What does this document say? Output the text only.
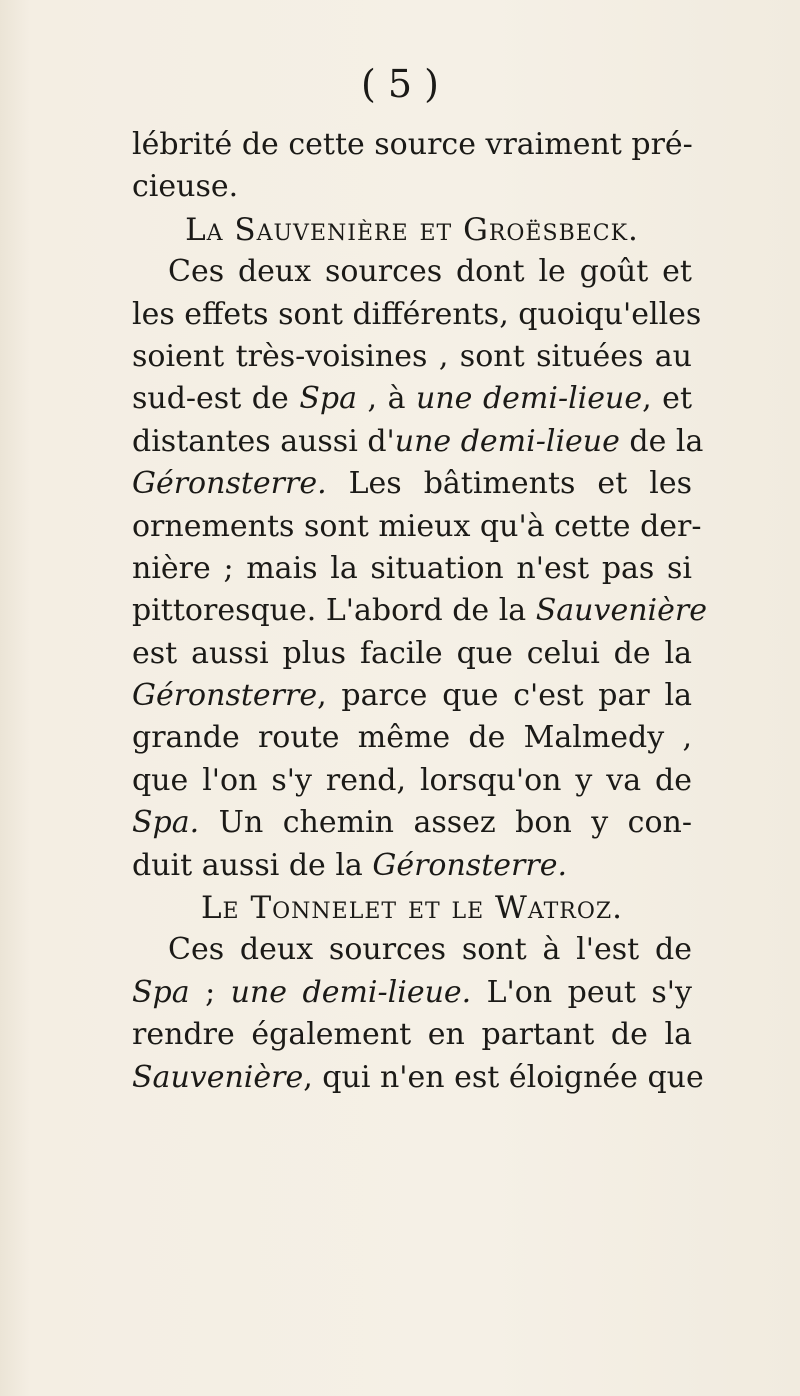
( 5 )
lébrité de cette source vraiment pré-
cieuse.
La Sauvenière et Groësbeck.
Ces deux sources dont le goût et
les effets sont différents, quoiqu'elles
soient très-voisines , sont situées au
sud-est de Spa , à une demi-lieue, et
distantes aussi d'une demi-lieue de la
Géronsterre. Les bâtiments et les
ornements sont mieux qu'à cette der-
nière ; mais la situation n'est pas si
pittoresque. L'abord de la Sauvenière
est aussi plus facile que celui de la
Géronsterre, parce que c'est par la
grande route même de Malmedy ,
que l'on s'y rend, lorsqu'on y va de
Spa. Un chemin assez bon y con-
duit aussi de la Géronsterre.
Le Tonnelet et le Watroz.
Ces deux sources sont à l'est de
Spa ; une demi-lieue. L'on peut s'y
rendre également en partant de la
Sauvenière, qui n'en est éloignée que
